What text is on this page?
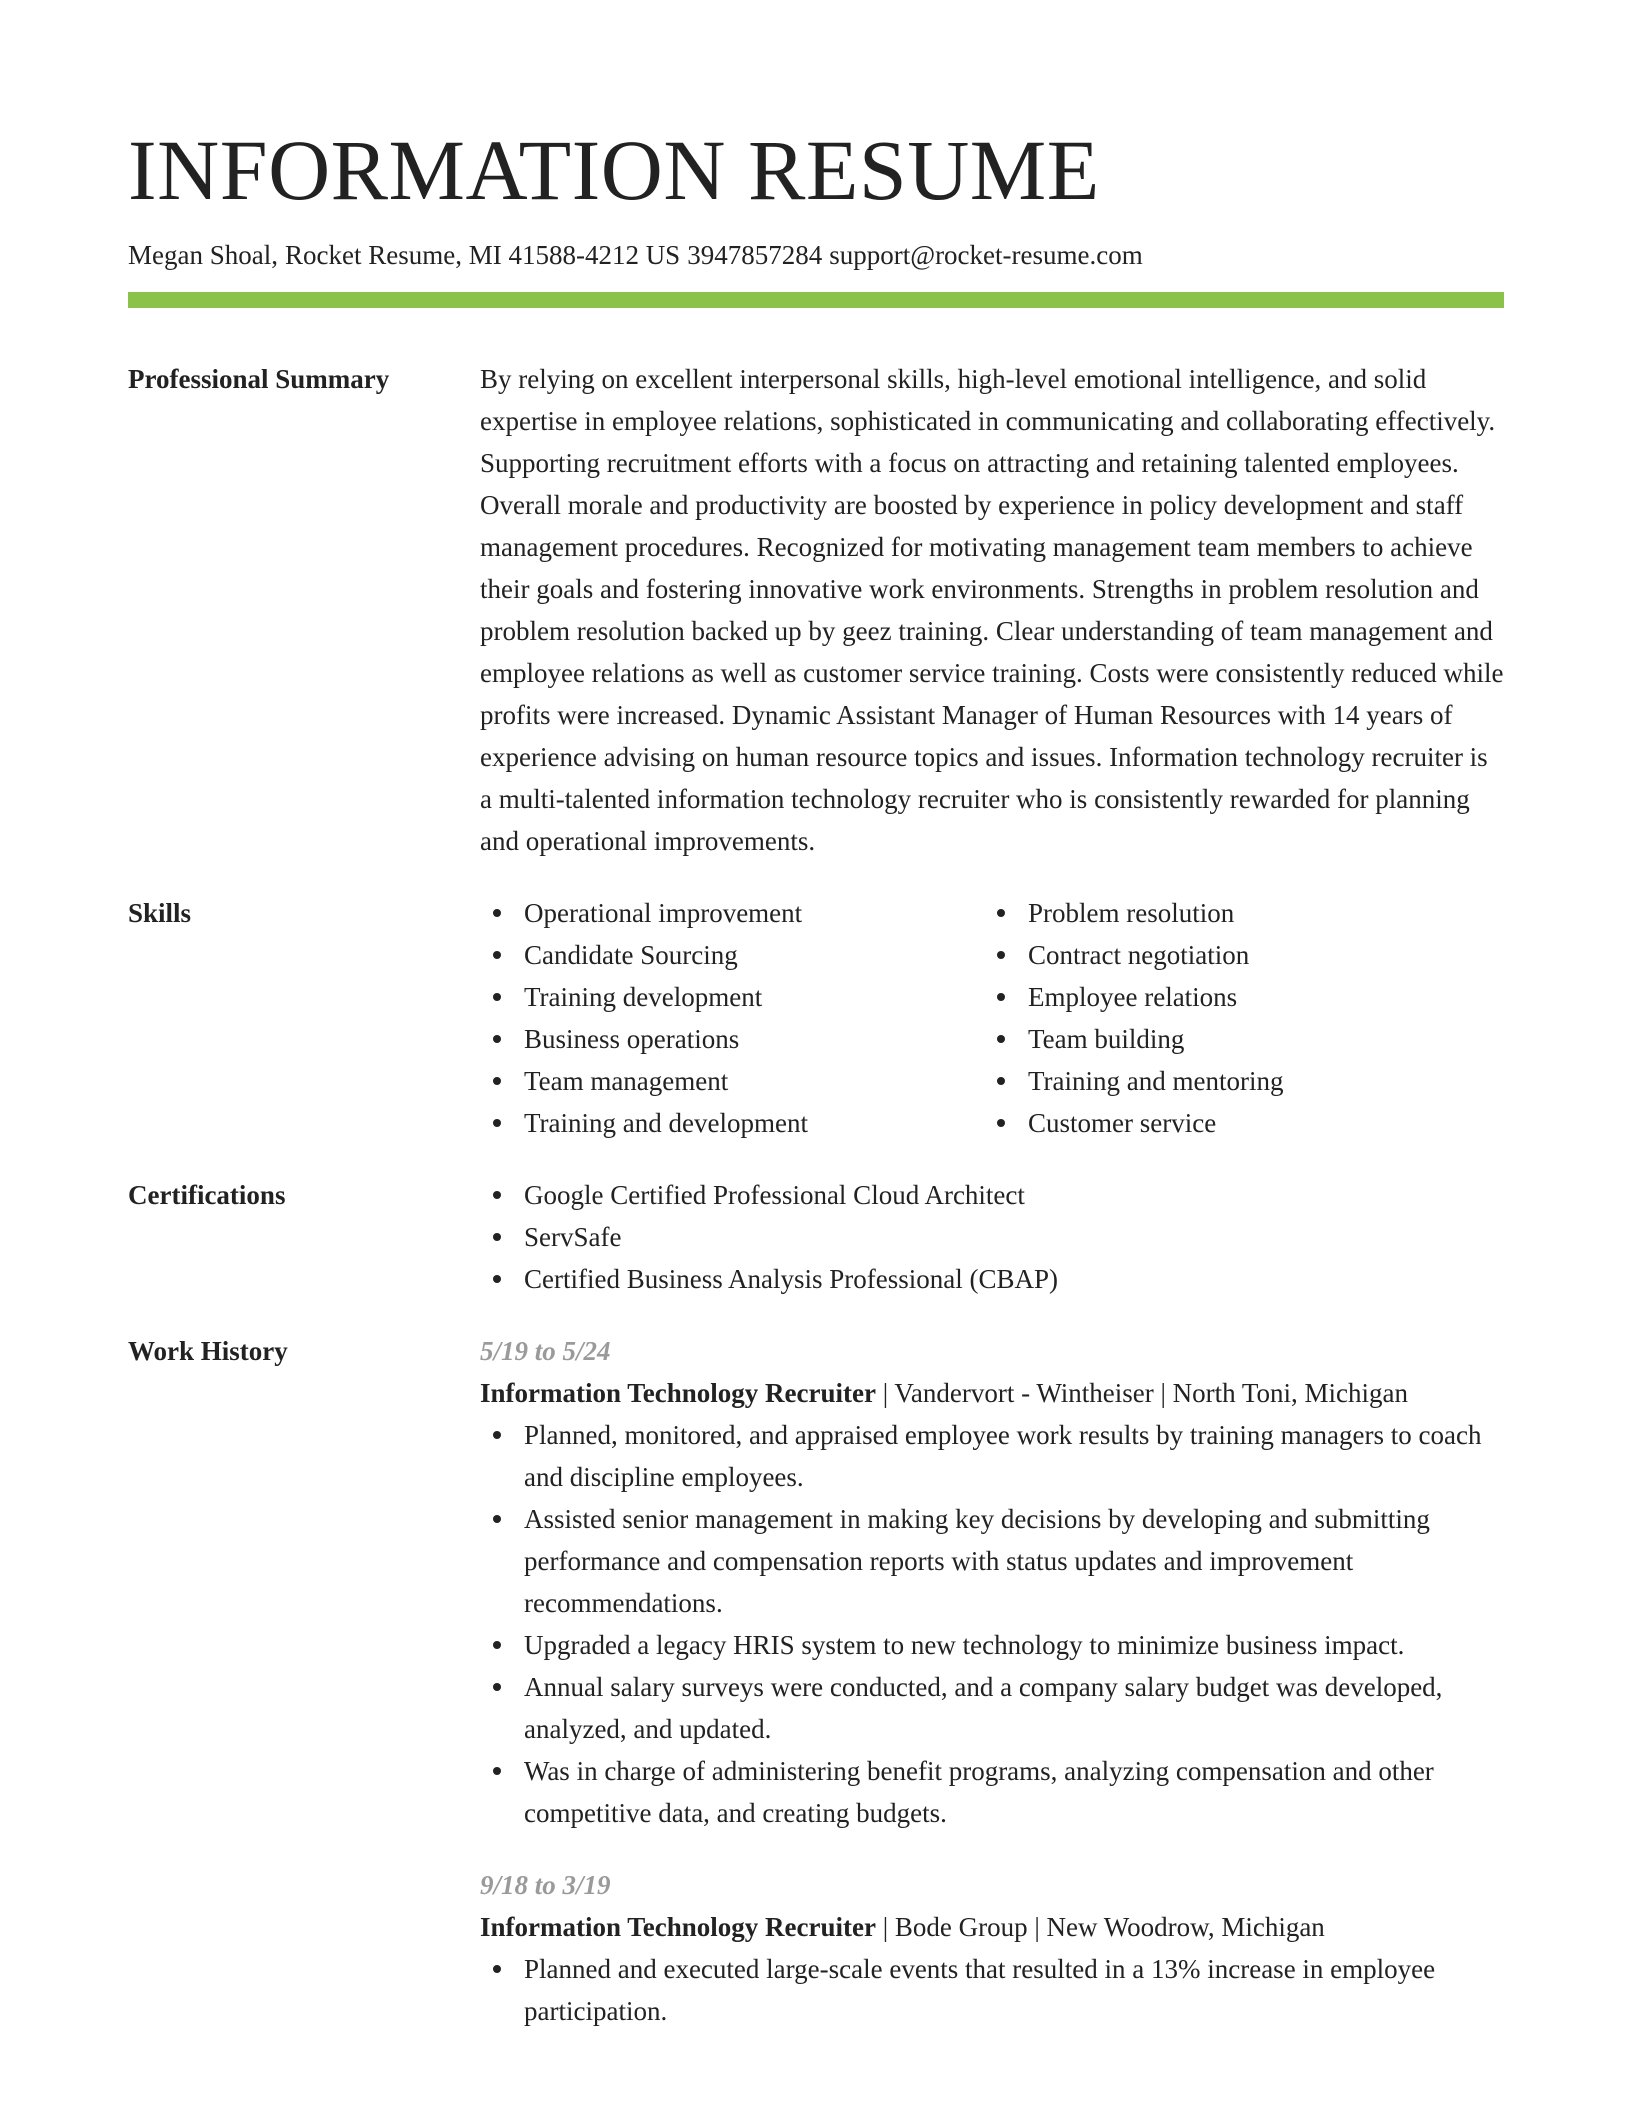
INFORMATION RESUME
Megan Shoal, Rocket Resume, MI 41588-4212 US 3947857284 support@rocket-resume.com
Professional Summary	By relying on excellent interpersonal skills, high-level emotional intelligence, and solid expertise in employee relations, sophisticated in communicating and collaborating effectively. Supporting recruitment efforts with a focus on attracting and retaining talented employees. Overall morale and productivity are boosted by experience in policy development and staff management procedures. Recognized for motivating management team members to achieve their goals and fostering innovative work environments. Strengths in problem resolution and problem resolution backed up by geez training. Clear understanding of team management and employee relations as well as customer service training. Costs were consistently reduced while profits were increased. Dynamic Assistant Manager of Human Resources with 14 years of experience advising on human resource topics and issues. Information technology recruiter is a multi-talented information technology recruiter who is consistently rewarded for planning and operational improvements.
Skills	Operational improvement
Candidate Sourcing
Training development
Business operations
Team management
Training and development
Problem resolution
Contract negotiation
Employee relations
Team building
Training and mentoring
Customer service
Certifications	Google Certified Professional Cloud Architect
ServSafe
Certified Business Analysis Professional (CBAP)
Work History	5/19 to 5/24
Information Technology Recruiter | Vandervort - Wintheiser | North Toni, Michigan
Planned, monitored, and appraised employee work results by training managers to coach and discipline employees.
Assisted senior management in making key decisions by developing and submitting performance and compensation reports with status updates and improvement recommendations.
Upgraded a legacy HRIS system to new technology to minimize business impact.
Annual salary surveys were conducted, and a company salary budget was developed, analyzed, and updated.
Was in charge of administering benefit programs, analyzing compensation and other competitive data, and creating budgets.
9/18 to 3/19
Information Technology Recruiter | Bode Group | New Woodrow, Michigan
Planned and executed large-scale events that resulted in a 13% increase in employee participation.
